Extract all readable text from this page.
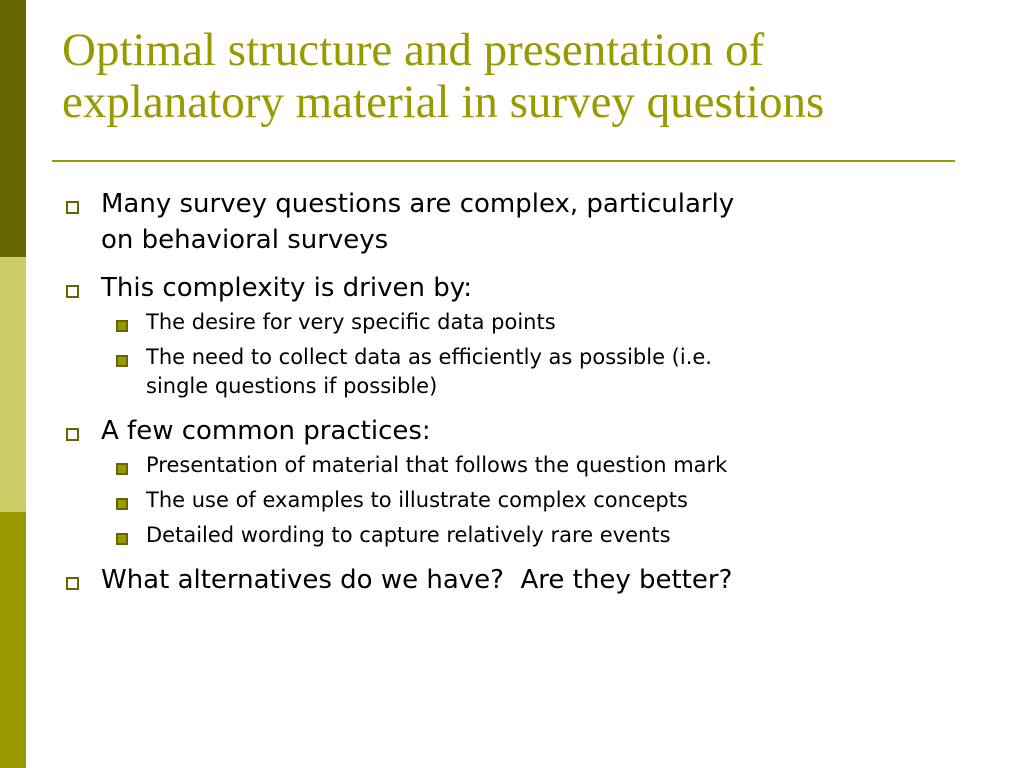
Optimal structure and presentation of
explanatory material in survey questions
Many survey questions are complex, particularly
on behavioral surveys
This complexity is driven by:
The desire for very specific data points
The need to collect data as efficiently as possible (i.e.
single questions if possible)
A few common practices:
Presentation of material that follows the question mark
The use of examples to illustrate complex concepts
Detailed wording to capture relatively rare events
What alternatives do we have?  Are they better?
